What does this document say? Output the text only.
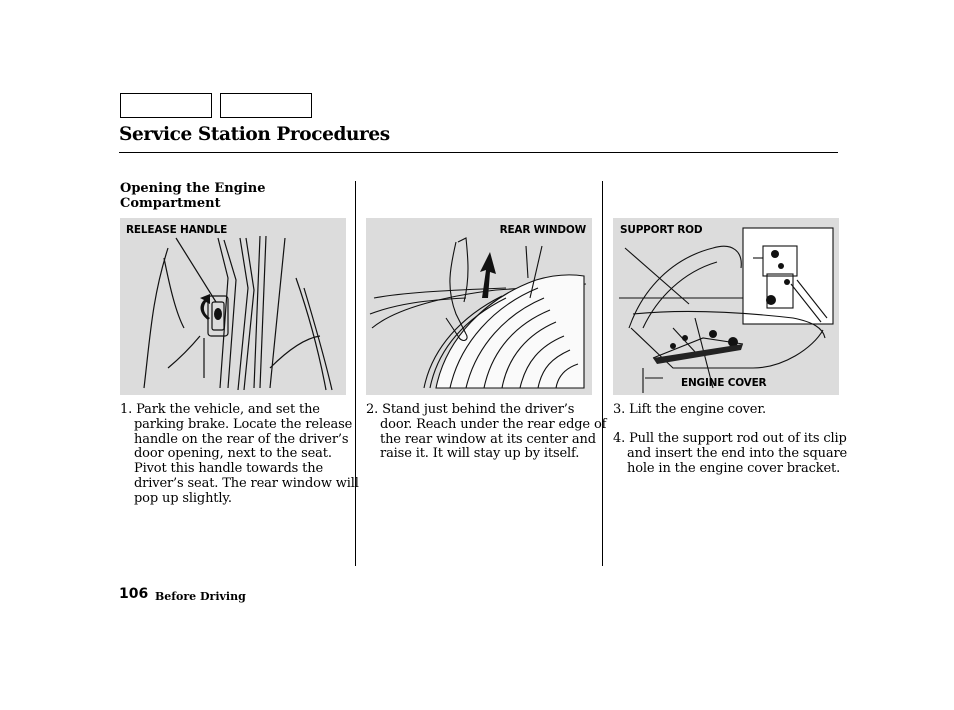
Service Station Procedures
Opening the Engine Compartment
RELEASE HANDLE	REAR WINDOW	SUPPORT ROD
ENGINE COVER

1. Park the vehicle, and set the parking brake. Locate the release handle on the rear of the driver’s door opening, next to the seat. Pivot this handle towards the driver’s seat. The rear window will pop up slightly.

2. Stand just behind the driver’s door. Reach under the rear edge of the rear window at its center and raise it. It will stay up by itself.

3. Lift the engine cover.

4. Pull the support rod out of its clip and insert the end into the square hole in the engine cover bracket.

106 Before Driving
